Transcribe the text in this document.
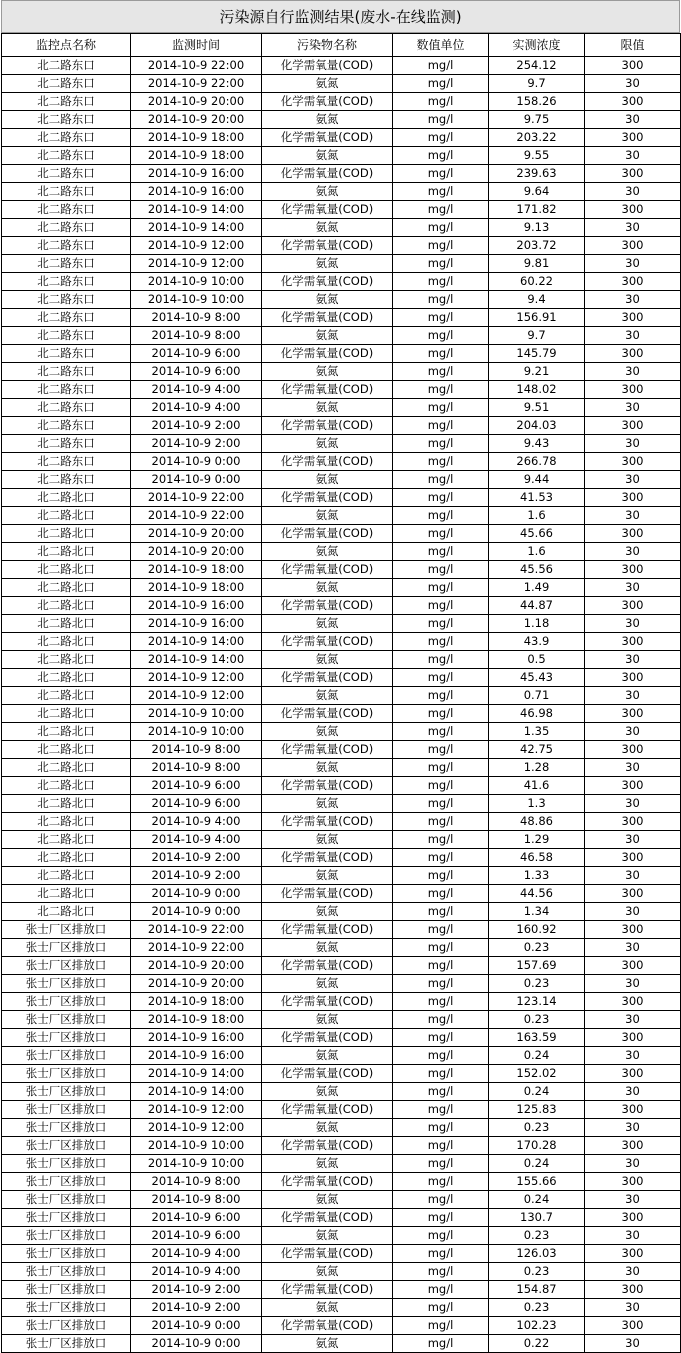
污染源自行监测结果(废水-在线监测)
监控点名称	监测时间	污染物名称	数值单位	实测浓度	限值
北二路东口	2014-10-9 22:00	化学需氧量(COD)	mg/l	254.12	300
北二路东口	2014-10-9 22:00	氨氮	mg/l	9.7	30
北二路东口	2014-10-9 20:00	化学需氧量(COD)	mg/l	158.26	300
北二路东口	2014-10-9 20:00	氨氮	mg/l	9.75	30
北二路东口	2014-10-9 18:00	化学需氧量(COD)	mg/l	203.22	300
北二路东口	2014-10-9 18:00	氨氮	mg/l	9.55	30
北二路东口	2014-10-9 16:00	化学需氧量(COD)	mg/l	239.63	300
北二路东口	2014-10-9 16:00	氨氮	mg/l	9.64	30
北二路东口	2014-10-9 14:00	化学需氧量(COD)	mg/l	171.82	300
北二路东口	2014-10-9 14:00	氨氮	mg/l	9.13	30
北二路东口	2014-10-9 12:00	化学需氧量(COD)	mg/l	203.72	300
北二路东口	2014-10-9 12:00	氨氮	mg/l	9.81	30
北二路东口	2014-10-9 10:00	化学需氧量(COD)	mg/l	60.22	300
北二路东口	2014-10-9 10:00	氨氮	mg/l	9.4	30
北二路东口	2014-10-9 8:00	化学需氧量(COD)	mg/l	156.91	300
北二路东口	2014-10-9 8:00	氨氮	mg/l	9.7	30
北二路东口	2014-10-9 6:00	化学需氧量(COD)	mg/l	145.79	300
北二路东口	2014-10-9 6:00	氨氮	mg/l	9.21	30
北二路东口	2014-10-9 4:00	化学需氧量(COD)	mg/l	148.02	300
北二路东口	2014-10-9 4:00	氨氮	mg/l	9.51	30
北二路东口	2014-10-9 2:00	化学需氧量(COD)	mg/l	204.03	300
北二路东口	2014-10-9 2:00	氨氮	mg/l	9.43	30
北二路东口	2014-10-9 0:00	化学需氧量(COD)	mg/l	266.78	300
北二路东口	2014-10-9 0:00	氨氮	mg/l	9.44	30
北二路北口	2014-10-9 22:00	化学需氧量(COD)	mg/l	41.53	300
北二路北口	2014-10-9 22:00	氨氮	mg/l	1.6	30
北二路北口	2014-10-9 20:00	化学需氧量(COD)	mg/l	45.66	300
北二路北口	2014-10-9 20:00	氨氮	mg/l	1.6	30
北二路北口	2014-10-9 18:00	化学需氧量(COD)	mg/l	45.56	300
北二路北口	2014-10-9 18:00	氨氮	mg/l	1.49	30
北二路北口	2014-10-9 16:00	化学需氧量(COD)	mg/l	44.87	300
北二路北口	2014-10-9 16:00	氨氮	mg/l	1.18	30
北二路北口	2014-10-9 14:00	化学需氧量(COD)	mg/l	43.9	300
北二路北口	2014-10-9 14:00	氨氮	mg/l	0.5	30
北二路北口	2014-10-9 12:00	化学需氧量(COD)	mg/l	45.43	300
北二路北口	2014-10-9 12:00	氨氮	mg/l	0.71	30
北二路北口	2014-10-9 10:00	化学需氧量(COD)	mg/l	46.98	300
北二路北口	2014-10-9 10:00	氨氮	mg/l	1.35	30
北二路北口	2014-10-9 8:00	化学需氧量(COD)	mg/l	42.75	300
北二路北口	2014-10-9 8:00	氨氮	mg/l	1.28	30
北二路北口	2014-10-9 6:00	化学需氧量(COD)	mg/l	41.6	300
北二路北口	2014-10-9 6:00	氨氮	mg/l	1.3	30
北二路北口	2014-10-9 4:00	化学需氧量(COD)	mg/l	48.86	300
北二路北口	2014-10-9 4:00	氨氮	mg/l	1.29	30
北二路北口	2014-10-9 2:00	化学需氧量(COD)	mg/l	46.58	300
北二路北口	2014-10-9 2:00	氨氮	mg/l	1.33	30
北二路北口	2014-10-9 0:00	化学需氧量(COD)	mg/l	44.56	300
北二路北口	2014-10-9 0:00	氨氮	mg/l	1.34	30
张士厂区排放口	2014-10-9 22:00	化学需氧量(COD)	mg/l	160.92	300
张士厂区排放口	2014-10-9 22:00	氨氮	mg/l	0.23	30
张士厂区排放口	2014-10-9 20:00	化学需氧量(COD)	mg/l	157.69	300
张士厂区排放口	2014-10-9 20:00	氨氮	mg/l	0.23	30
张士厂区排放口	2014-10-9 18:00	化学需氧量(COD)	mg/l	123.14	300
张士厂区排放口	2014-10-9 18:00	氨氮	mg/l	0.23	30
张士厂区排放口	2014-10-9 16:00	化学需氧量(COD)	mg/l	163.59	300
张士厂区排放口	2014-10-9 16:00	氨氮	mg/l	0.24	30
张士厂区排放口	2014-10-9 14:00	化学需氧量(COD)	mg/l	152.02	300
张士厂区排放口	2014-10-9 14:00	氨氮	mg/l	0.24	30
张士厂区排放口	2014-10-9 12:00	化学需氧量(COD)	mg/l	125.83	300
张士厂区排放口	2014-10-9 12:00	氨氮	mg/l	0.23	30
张士厂区排放口	2014-10-9 10:00	化学需氧量(COD)	mg/l	170.28	300
张士厂区排放口	2014-10-9 10:00	氨氮	mg/l	0.24	30
张士厂区排放口	2014-10-9 8:00	化学需氧量(COD)	mg/l	155.66	300
张士厂区排放口	2014-10-9 8:00	氨氮	mg/l	0.24	30
张士厂区排放口	2014-10-9 6:00	化学需氧量(COD)	mg/l	130.7	300
张士厂区排放口	2014-10-9 6:00	氨氮	mg/l	0.23	30
张士厂区排放口	2014-10-9 4:00	化学需氧量(COD)	mg/l	126.03	300
张士厂区排放口	2014-10-9 4:00	氨氮	mg/l	0.23	30
张士厂区排放口	2014-10-9 2:00	化学需氧量(COD)	mg/l	154.87	300
张士厂区排放口	2014-10-9 2:00	氨氮	mg/l	0.23	30
张士厂区排放口	2014-10-9 0:00	化学需氧量(COD)	mg/l	102.23	300
张士厂区排放口	2014-10-9 0:00	氨氮	mg/l	0.22	30
